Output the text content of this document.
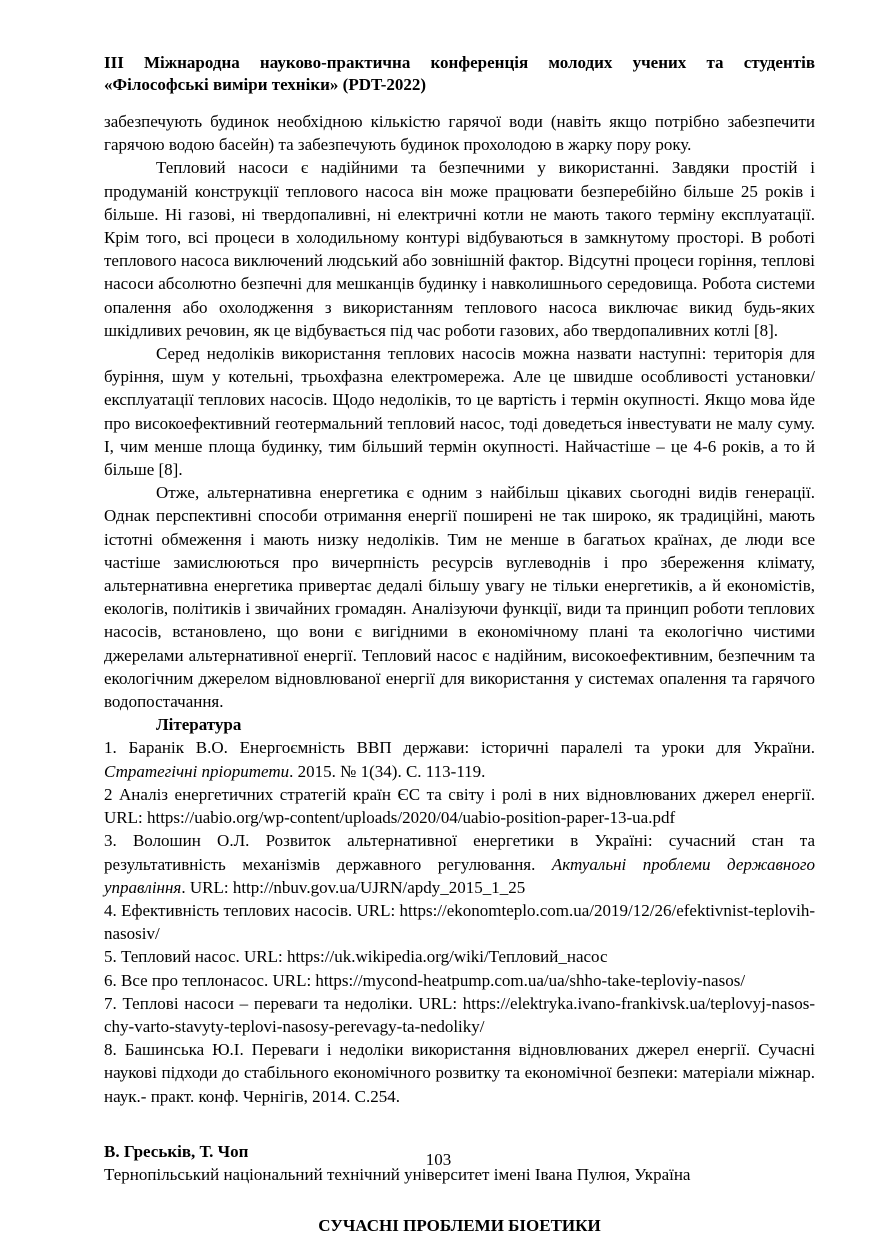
ІІІ Міжнародна науково-практична конференція молодих учених та студентів
«Філософські виміри техніки» (PDT-2022)

забезпечують будинок необхідною кількістю гарячої води (навіть якщо потрібно забезпечити гарячою водою басейн) та забезпечують будинок прохолодою в жарку пору року.

Тепловий насоси є надійними та безпечними у використанні. Завдяки простій і продуманій конструкції теплового насоса він може працювати безперебійно більше 25 років і більше. Ні газові, ні твердопаливні, ні електричні котли не мають такого терміну експлуатації. Крім того, всі процеси в холодильному контурі відбуваються в замкнутому просторі. В роботі теплового насоса виключений людський або зовнішній фактор. Відсутні процеси горіння, теплові насоси абсолютно безпечні для мешканців будинку і навколишнього середовища. Робота системи опалення або охолодження з використанням теплового насоса виключає викид будь-яких шкідливих речовин, як це відбувається під час роботи газових, або твердопаливних котлі [8].

Серед недоліків використання теплових насосів можна назвати наступні: територія для буріння, шум у котельні, трьохфазна електромережа. Але це швидше особливості установки/експлуатації теплових насосів. Щодо недоліків, то це вартість і термін окупності. Якщо мова йде про високоефективний геотермальний тепловий насос, тоді доведеться інвестувати не малу суму. І, чим менше площа будинку, тим більший термін окупності. Найчастіше – це 4-6 років, а то й більше [8].

Отже, альтернативна енергетика є одним з найбільш цікавих сьогодні видів генерації. Однак перспективні способи отримання енергії поширені не так широко, як традиційні, мають істотні обмеження і мають низку недоліків. Тим не менше в багатьох країнах, де люди все частіше замислюються про вичерпність ресурсів вуглеводнів і про збереження клімату, альтернативна енергетика привертає дедалі більшу увагу не тільки енергетиків, а й економістів, екологів, політиків і звичайних громадян. Аналізуючи функції, види та принцип роботи теплових насосів, встановлено, що вони є вигідними в економічному плані та екологічно чистими джерелами альтернативної енергії. Тепловий насос є надійним, високоефективним, безпечним та екологічним джерелом відновлюваної енергії для використання у системах опалення та гарячого водопостачання.

Література
1. Баранік В.О. Енергоємність ВВП держави: історичні паралелі та уроки для України. Стратегічні пріоритети. 2015. № 1(34). С. 113-119.
2 Аналіз енергетичних стратегій країн ЄС та світу і ролі в них відновлюваних джерел енергії. URL: https://uabio.org/wp-content/uploads/2020/04/uabio-position-paper-13-ua.pdf
3. Волошин О.Л. Розвиток альтернативної енергетики в Україні: сучасний стан та результативність механізмів державного регулювання. Актуальні проблеми державного управління. URL: http://nbuv.gov.ua/UJRN/apdy_2015_1_25
4. Ефективність теплових насосів. URL: https://ekonomteplo.com.ua/2019/12/26/efektivnist-teplovih-nasosiv/
5. Тепловий насос. URL: https://uk.wikipedia.org/wiki/Тепловий_насос
6. Все про теплонасос. URL: https://mycond-heatpump.com.ua/ua/shho-take-teploviy-nasos/
7. Теплові насоси – переваги та недоліки. URL: https://elektryka.ivano-frankivsk.ua/teplovyj-nasos-chy-varto-stavyty-teplovi-nasosy-perevagy-ta-nedoliky/
8. Башинська Ю.І. Переваги і недоліки використання відновлюваних джерел енергії. Сучасні наукові підходи до стабільного економічного розвитку та економічної безпеки: матеріали міжнар. наук.- практ. конф. Чернігів, 2014. С.254.
В. Греськів, Т. Чоп
Тернопільський національний технічний університет імені Івана Пулюя, Україна
СУЧАСНІ ПРОБЛЕМИ БІОЕТИКИ
103
